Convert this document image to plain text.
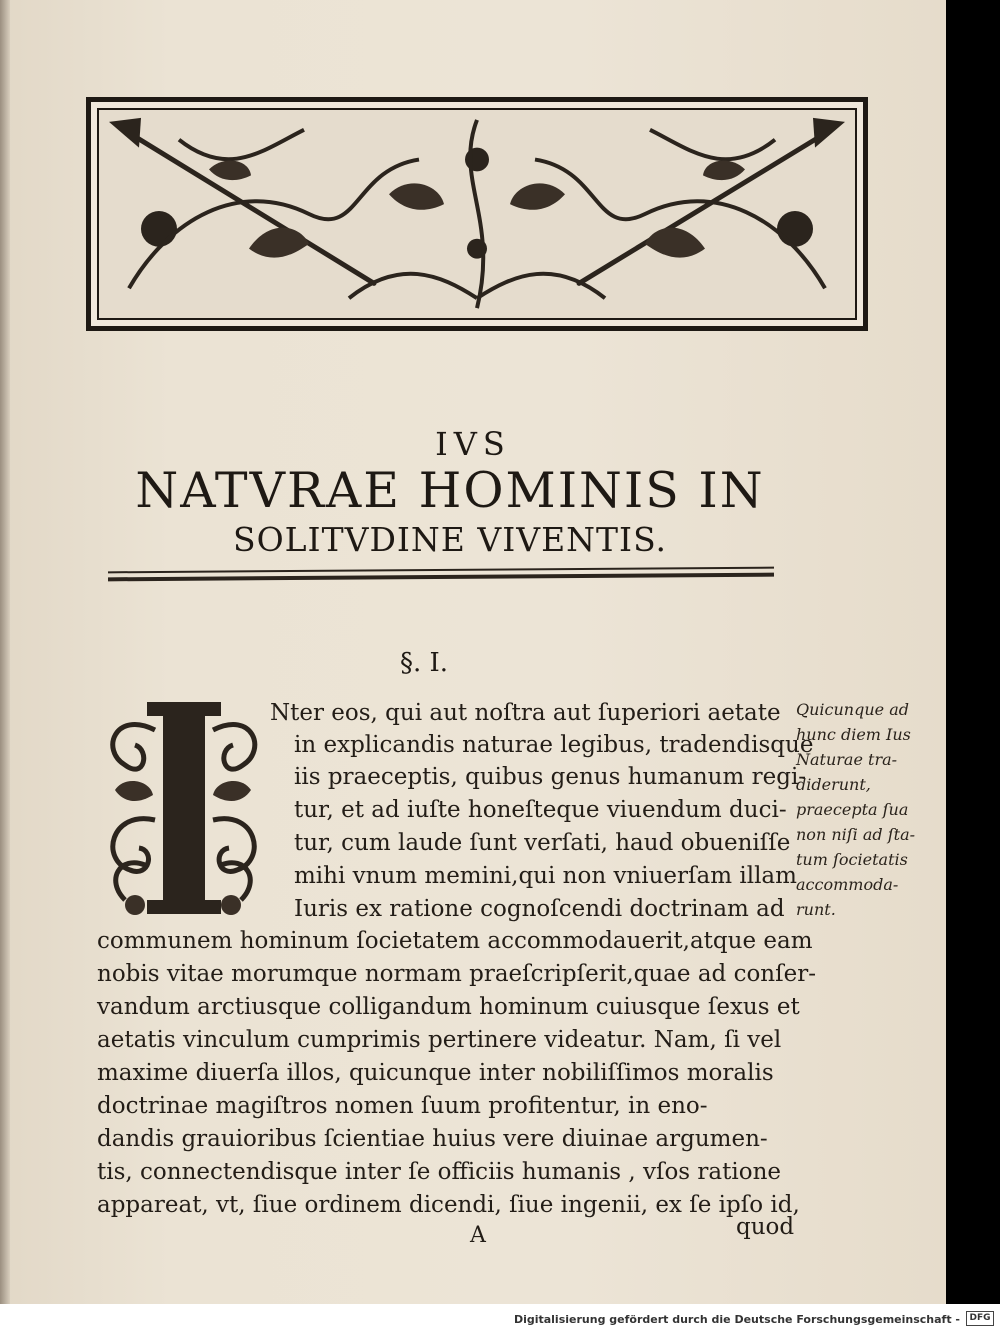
IVS
NATVRAE HOMINIS IN
SOLITVDINE VIVENTIS.
§. I.
Nter eos, qui aut noſtra aut ſuperiori aetate
in explicandis naturae legibus, tradendisque
iis praeceptis, quibus genus humanum regi-
tur, et ad iuſte honeſteque viuendum duci-
tur, cum laude ſunt verſati, haud obueniſſe
mihi vnum memini,qui non vniuerſam illam
Iuris ex ratione cognoſcendi doctrinam ad
communem hominum ſocietatem accommodauerit,atque eam
nobis vitae morumque normam praeſcripſerit,quae ad conſer-
vandum arctiusque colligandum hominum cuiusque ſexus et
aetatis vinculum cumprimis pertinere videatur. Nam, ſi vel
maxime diuerſa illos, quicunque inter nobiliſſimos moralis
doctrinae magiſtros nomen ſuum profitentur, in eno-
dandis grauioribus ſcientiae huius vere diuinae argumen-
tis, connectendisque inter ſe officiis humanis , vſos ratione
appareat, vt, ſiue ordinem dicendi, ſiue ingenii, ex ſe ipſo id,
Quicunque ad
hunc diem Ius
Naturae tra-
diderunt,
praecepta ſua
non niſi ad ſta-
tum ſocietatis
accommoda-
runt.
A	quod
Digitalisierung gefördert durch die Deutsche Forschungsgemeinschaft -	DFG
